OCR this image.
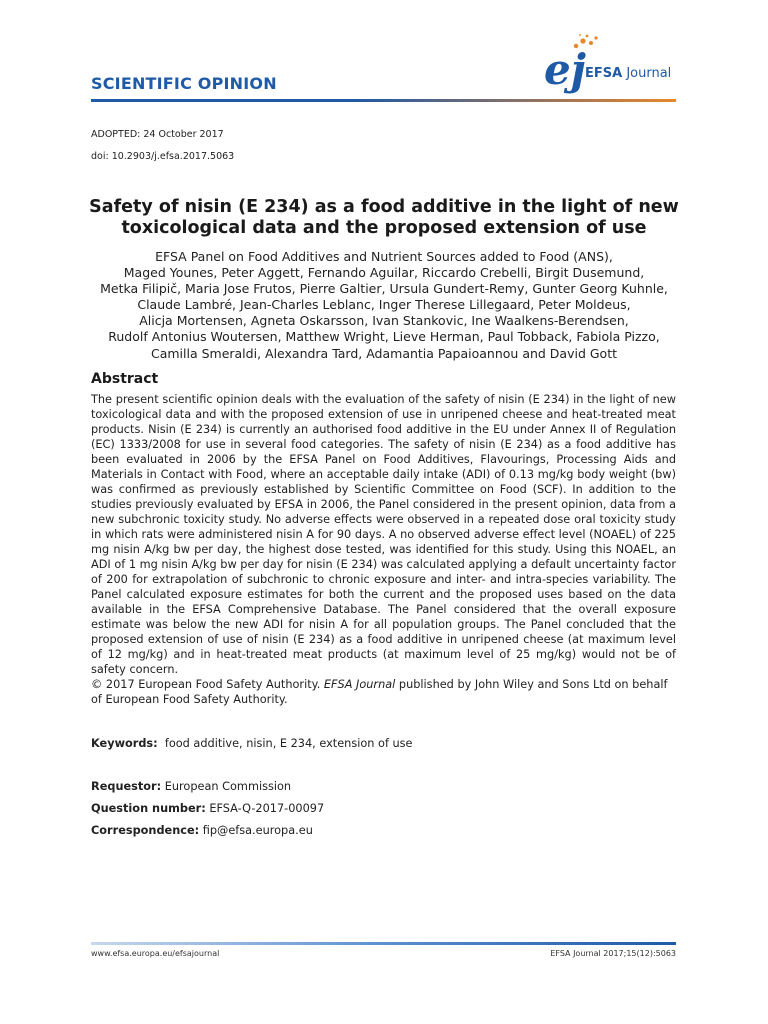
SCIENTIFIC OPINION	ej EFSA Journal
ADOPTED: 24 October 2017
doi: 10.2903/j.efsa.2017.5063
Safety of nisin (E 234) as a food additive in the light of new toxicological data and the proposed extension of use
EFSA Panel on Food Additives and Nutrient Sources added to Food (ANS),
Maged Younes, Peter Aggett, Fernando Aguilar, Riccardo Crebelli, Birgit Dusemund,
Metka Filipič, Maria Jose Frutos, Pierre Galtier, Ursula Gundert-Remy, Gunter Georg Kuhnle,
Claude Lambré, Jean-Charles Leblanc, Inger Therese Lillegaard, Peter Moldeus,
Alicja Mortensen, Agneta Oskarsson, Ivan Stankovic, Ine Waalkens-Berendsen,
Rudolf Antonius Woutersen, Matthew Wright, Lieve Herman, Paul Tobback, Fabiola Pizzo,
Camilla Smeraldi, Alexandra Tard, Adamantia Papaioannou and David Gott
Abstract

The present scientific opinion deals with the evaluation of the safety of nisin (E 234) in the light of new toxicological data and with the proposed extension of use in unripened cheese and heat-treated meat products. Nisin (E 234) is currently an authorised food additive in the EU under Annex II of Regulation (EC) 1333/2008 for use in several food categories. The safety of nisin (E 234) as a food additive has been evaluated in 2006 by the EFSA Panel on Food Additives, Flavourings, Processing Aids and Materials in Contact with Food, where an acceptable daily intake (ADI) of 0.13 mg/kg body weight (bw) was confirmed as previously established by Scientific Committee on Food (SCF). In addition to the studies previously evaluated by EFSA in 2006, the Panel considered in the present opinion, data from a new subchronic toxicity study. No adverse effects were observed in a repeated dose oral toxicity study in which rats were administered nisin A for 90 days. A no observed adverse effect level (NOAEL) of 225 mg nisin A/kg bw per day, the highest dose tested, was identified for this study. Using this NOAEL, an ADI of 1 mg nisin A/kg bw per day for nisin (E 234) was calculated applying a default uncertainty factor of 200 for extrapolation of subchronic to chronic exposure and inter- and intra-species variability. The Panel calculated exposure estimates for both the current and the proposed uses based on the data available in the EFSA Comprehensive Database. The Panel considered that the overall exposure estimate was below the new ADI for nisin A for all population groups. The Panel concluded that the proposed extension of use of nisin (E 234) as a food additive in unripened cheese (at maximum level of 12 mg/kg) and in heat-treated meat products (at maximum level of 25 mg/kg) would not be of safety concern.

© 2017 European Food Safety Authority. EFSA Journal published by John Wiley and Sons Ltd on behalf of European Food Safety Authority.

Keywords: food additive, nisin, E 234, extension of use
Requestor: European Commission
Question number: EFSA-Q-2017-00097
Correspondence: fip@efsa.europa.eu
www.efsa.europa.eu/efsajournal	EFSA Journal 2017;15(12):5063
